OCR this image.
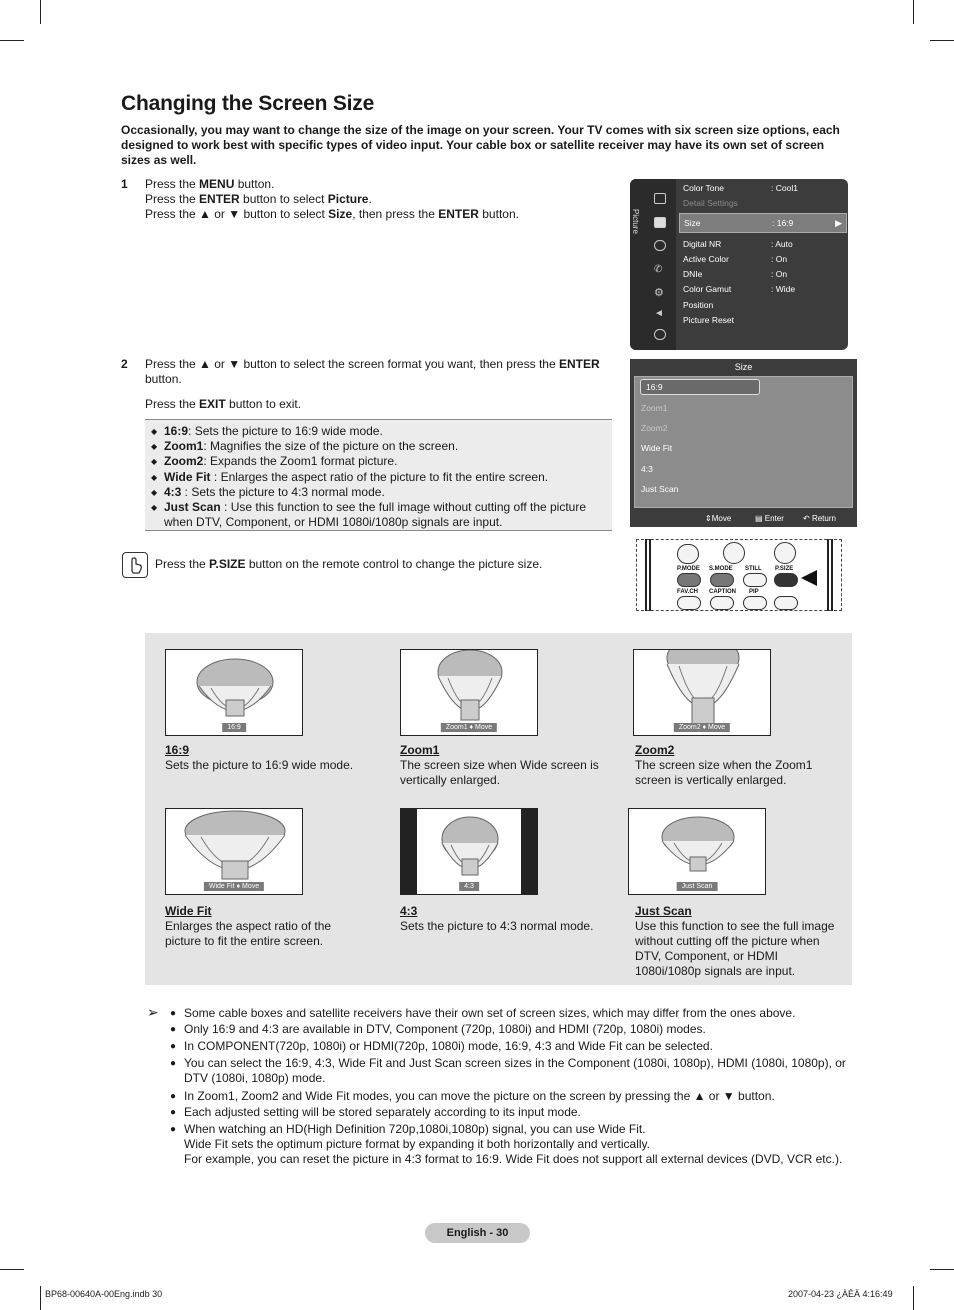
Changing the Screen Size
Occasionally, you may want to change the size of the image on your screen. Your TV comes with six screen size options, each designed to work best with specific types of video input. Your cable box or satellite receiver may have its own set of screen sizes as well.
1 Press the MENU button.
Press the ENTER button to select Picture.
Press the ▲ or ▼ button to select Size, then press the ENTER button.	Picture
✆
⚙
◄
Color Tone	: Cool1
Detail Settings
Size	: 16:9	▶
Digital NR	: Auto
Active Color	: On
DNIe	: On
Color Gamut	: Wide
Position
Picture Reset
2 Press the ▲ or ▼ button to select the screen format you want, then press the ENTER button.
Press the EXIT button to exit.
Size
16:9
Zoom1
Zoom2
Wide Fit
4:3
Just Scan
⇕Move	▤ Enter ↶ Return
◆ 16:9: Sets the picture to 16:9 wide mode.
◆ Zoom1: Magnifies the size of the picture on the screen.
◆ Zoom2: Expands the Zoom1 format picture.
◆ Wide Fit : Enlarges the aspect ratio of the picture to fit the entire screen.
◆ 4:3 : Sets the picture to 4:3 normal mode.
◆ Just Scan : Use this function to see the full image without cutting off the picture when DTV, Component, or HDMI 1080i/1080p signals are input.
Press the P.SIZE button on the remote control to change the picture size.	P.MODE S.MODE STILL P.SIZE
FAV.CH CAPTION PIP
16:9
16:9
Sets the picture to 16:9 wide mode.
Zoom1 ♦ Move
Zoom1
The screen size when Wide screen is vertically enlarged.
Zoom2 ♦ Move
Zoom2
The screen size when the Zoom1 screen is vertically enlarged.
Wide Fit ♦ Move
Wide Fit
Enlarges the aspect ratio of the picture to fit the entire screen.
4:3
4:3
Sets the picture to 4:3 normal mode.
Just Scan
Just Scan
Use this function to see the full image without cutting off the picture when DTV, Component, or HDMI 1080i/1080p signals are input.
➢
●	Some cable boxes and satellite receivers have their own set of screen sizes, which may differ from the ones above.
● Only 16:9 and 4:3 are available in DTV, Component (720p, 1080i) and HDMI (720p, 1080i) modes.
● In COMPONENT(720p, 1080i) or HDMI(720p, 1080i) mode, 16:9, 4:3 and Wide Fit can be selected.
● You can select the 16:9, 4:3, Wide Fit and Just Scan screen sizes in the Component (1080i, 1080p), HDMI (1080i, 1080p), or DTV (1080i, 1080p) mode.
● In Zoom1, Zoom2 and Wide Fit modes, you can move the picture on the screen by pressing the ▲ or ▼ button.
● Each adjusted setting will be stored separately according to its input mode.
● When watching an HD(High Definition 720p,1080i,1080p) signal, you can use Wide Fit.
Wide Fit sets the optimum picture format by expanding it both horizontally and vertically.
For example, you can reset the picture in 4:3 format to 16:9. Wide Fit does not support all external devices (DVD, VCR etc.).
English - 30
BP68-00640A-00Eng.indb 30	2007-04-23 ¿ÀÈÄ 4:16:49
